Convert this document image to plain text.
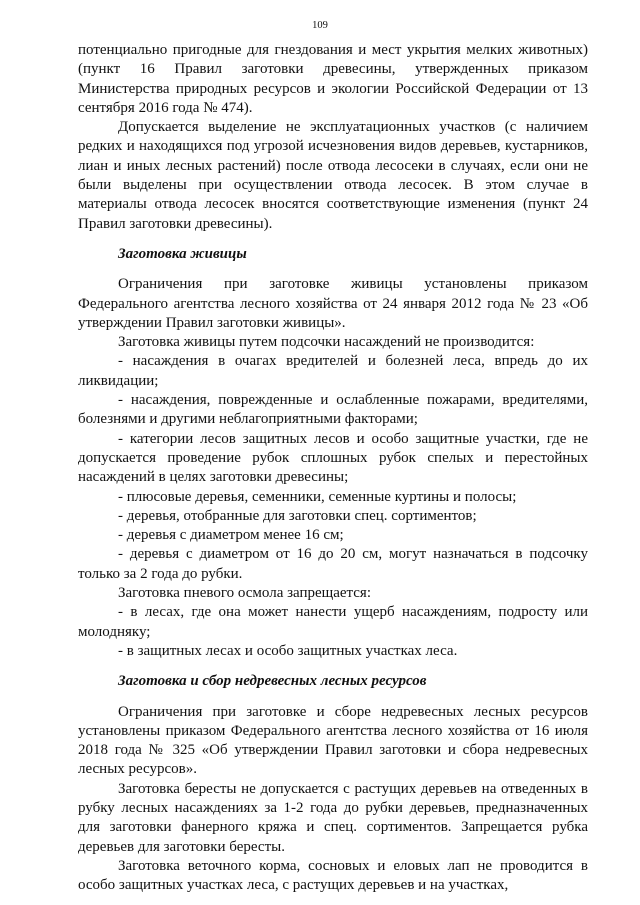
109

потенциально пригодные для гнездования и мест укрытия мелких животных) (пункт 16 Правил заготовки древесины, утвержденных приказом Министерства природных ресурсов и экологии Российской Федерации от 13 сентября 2016 года № 474).

Допускается выделение не эксплуатационных участков (с наличием редких и находящихся под угрозой исчезновения видов деревьев, кустарников, лиан и иных лесных растений) после отвода лесосеки в случаях, если они не были выделены при осуществлении отвода лесосек. В этом случае в материалы отвода лесосек вносятся соответствующие изменения (пункт 24 Правил заготовки древесины).

Заготовка живицы

Ограничения при заготовке живицы установлены приказом Федерального агентства лесного хозяйства от 24 января 2012 года № 23 «Об утверждении Правил заготовки живицы».

Заготовка живицы путем подсочки насаждений не производится:

- насаждения в очагах вредителей и болезней леса, впредь до их ликвидации;

- насаждения, поврежденные и ослабленные пожарами, вредителями, болезнями и другими неблагоприятными факторами;

- категории лесов защитных лесов и особо защитные участки, где не допускается проведение рубок сплошных рубок спелых и перестойных насаждений в целях заготовки древесины;

- плюсовые деревья, семенники, семенные куртины и полосы;

- деревья, отобранные для заготовки спец. сортиментов;

- деревья с диаметром менее 16 см;

- деревья с диаметром от 16 до 20 см, могут назначаться в подсочку только за 2 года до рубки.

Заготовка пневого осмола запрещается:

- в лесах, где она может нанести ущерб насаждениям, подросту или молодняку;

- в защитных лесах и особо защитных участках леса.

Заготовка и сбор недревесных лесных ресурсов

Ограничения при заготовке и сборе недревесных лесных ресурсов установлены приказом Федерального агентства лесного хозяйства от 16 июля 2018 года № 325 «Об утверждении Правил заготовки и сбора недревесных лесных ресурсов».

Заготовка бересты не допускается с растущих деревьев на отведенных в рубку лесных насаждениях за 1-2 года до рубки деревьев, предназначенных для заготовки фанерного кряжа и спец. сортиментов. Запрещается рубка деревьев для заготовки бересты.

Заготовка веточного корма, сосновых и еловых лап не проводится в особо защитных участках леса, с растущих деревьев и на участках,
